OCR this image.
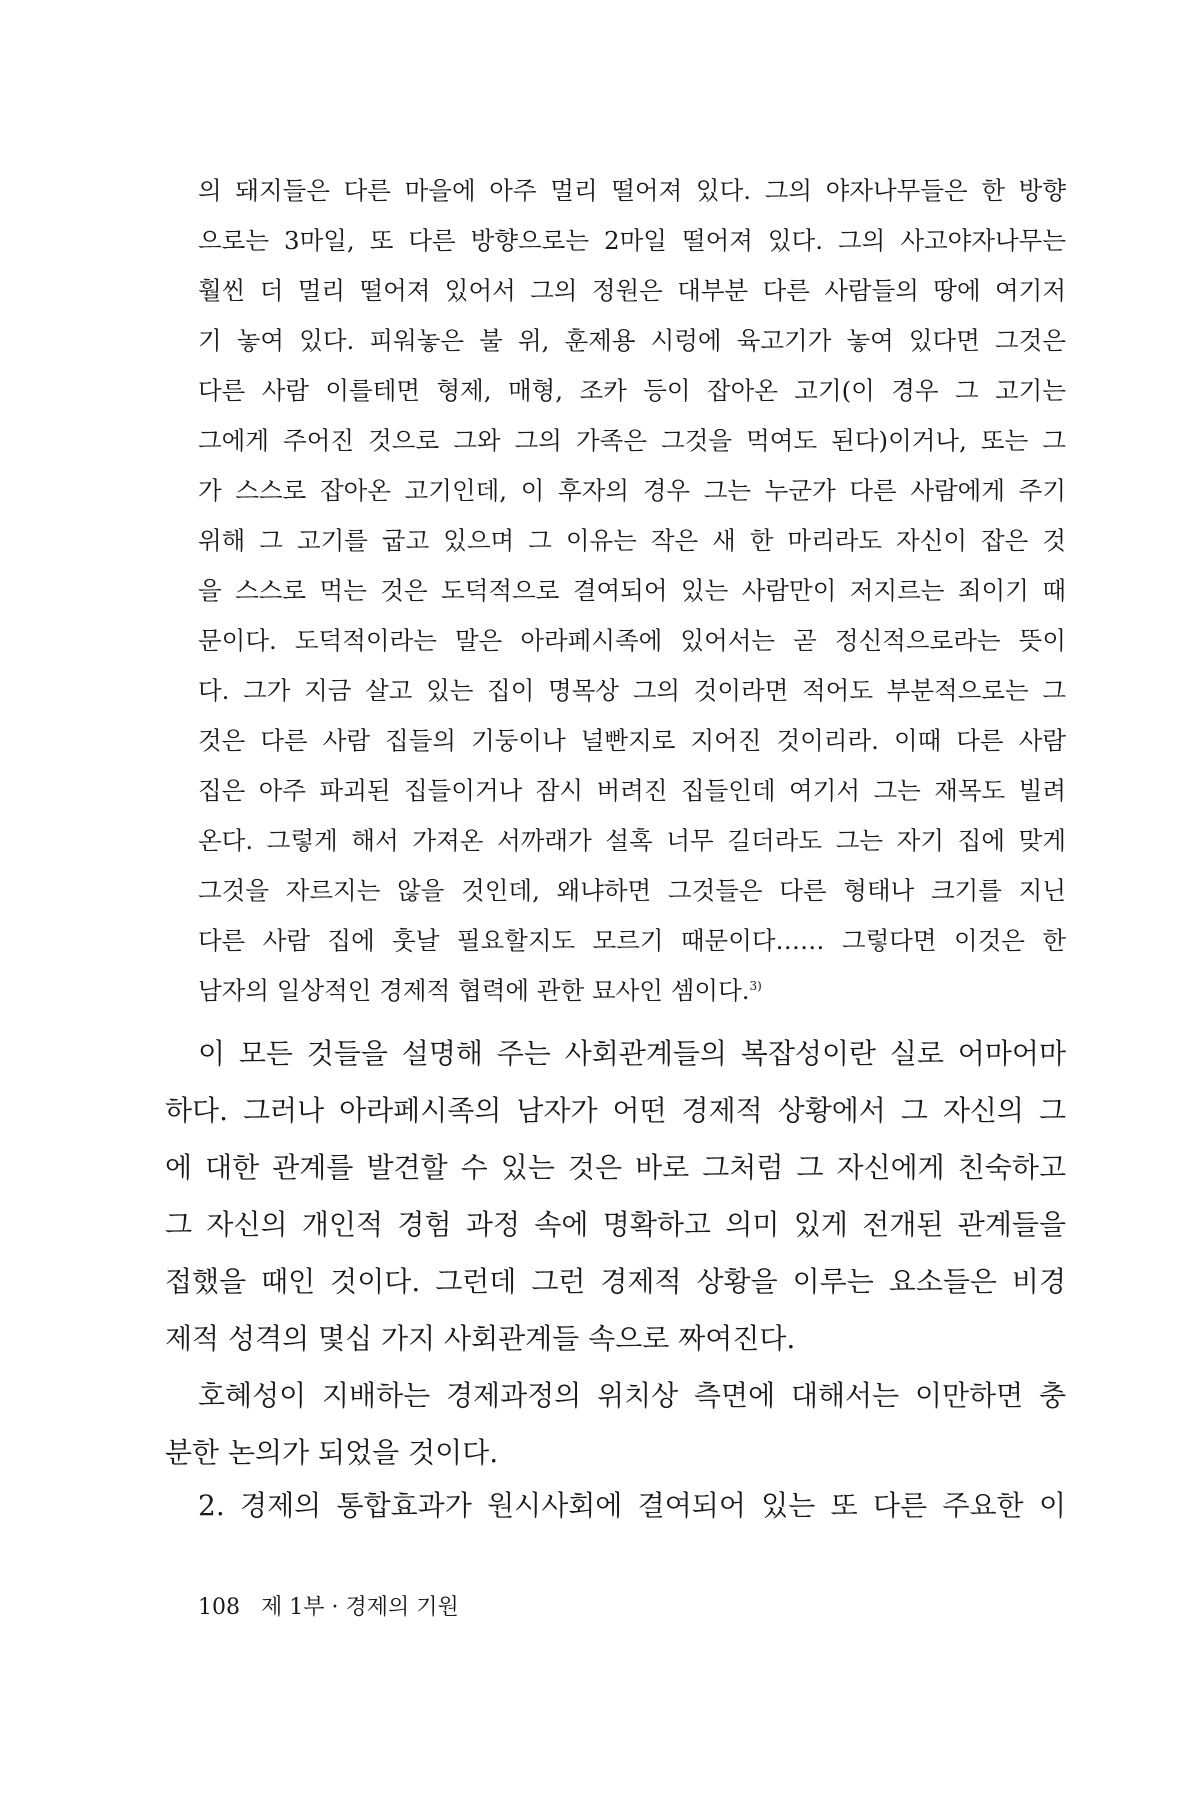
의 돼지들은 다른 마을에 아주 멀리 떨어져 있다. 그의 야자나무들은 한 방향
으로는 3마일, 또 다른 방향으로는 2마일 떨어져 있다. 그의 사고야자나무는
훨씬 더 멀리 떨어져 있어서 그의 정원은 대부분 다른 사람들의 땅에 여기저
기 놓여 있다. 피워놓은 불 위, 훈제용 시렁에 육고기가 놓여 있다면 그것은
다른 사람 이를테면 형제, 매형, 조카 등이 잡아온 고기(이 경우 그 고기는
그에게 주어진 것으로 그와 그의 가족은 그것을 먹여도 된다)이거나, 또는 그
가 스스로 잡아온 고기인데, 이 후자의 경우 그는 누군가 다른 사람에게 주기
위해 그 고기를 굽고 있으며 그 이유는 작은 새 한 마리라도 자신이 잡은 것
을 스스로 먹는 것은 도덕적으로 결여되어 있는 사람만이 저지르는 죄이기 때
문이다. 도덕적이라는 말은 아라페시족에 있어서는 곧 정신적으로라는 뜻이
다. 그가 지금 살고 있는 집이 명목상 그의 것이라면 적어도 부분적으로는 그
것은 다른 사람 집들의 기둥이나 널빤지로 지어진 것이리라. 이때 다른 사람
집은 아주 파괴된 집들이거나 잠시 버려진 집들인데 여기서 그는 재목도 빌려
온다. 그렇게 해서 가져온 서까래가 설혹 너무 길더라도 그는 자기 집에 맞게
그것을 자르지는 않을 것인데, 왜냐하면 그것들은 다른 형태나 크기를 지닌
다른 사람 집에 훗날 필요할지도 모르기 때문이다…… 그렇다면 이것은 한
남자의 일상적인 경제적 협력에 관한 묘사인 셈이다.$^{3)}$
이 모든 것들을 설명해 주는 사회관계들의 복잡성이란 실로 어마어마
하다. 그러나 아라페시족의 남자가 어떤 경제적 상황에서 그 자신의 그
에 대한 관계를 발견할 수 있는 것은 바로 그처럼 그 자신에게 친숙하고
그 자신의 개인적 경험 과정 속에 명확하고 의미 있게 전개된 관계들을
접했을 때인 것이다. 그런데 그런 경제적 상황을 이루는 요소들은 비경
제적 성격의 몇십 가지 사회관계들 속으로 짜여진다.
호혜성이 지배하는 경제과정의 위치상 측면에 대해서는 이만하면 충
분한 논의가 되었을 것이다.
2. 경제의 통합효과가 원시사회에 결여되어 있는 또 다른 주요한 이
108 제 1부 · 경제의 기원
